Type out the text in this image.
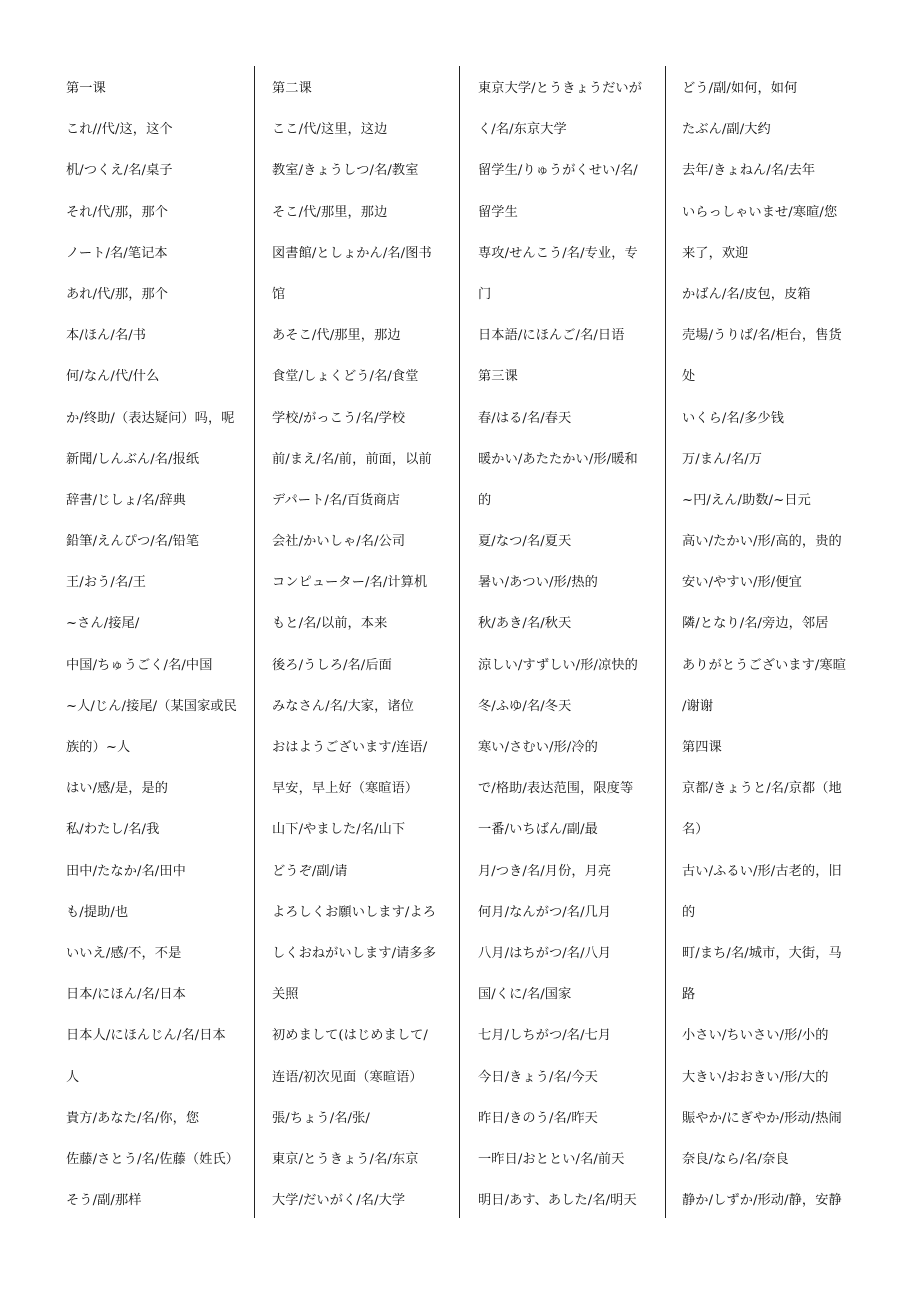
第一课
これ//代/这，这个
机/つくえ/名/桌子
それ/代/那，那个
ノート/名/笔记本
あれ/代/那，那个
本/ほん/名/书
何/なん/代/什么
か/终助/（表达疑问）吗，呢
新聞/しんぶん/名/报纸
辞書/じしょ/名/辞典
鉛筆/えんぴつ/名/铅笔
王/おう/名/王
~さん/接尾/
中国/ちゅうごく/名/中国
~人/じん/接尾/（某国家或民
族的）~人
はい/感/是，是的
私/わたし/名/我
田中/たなか/名/田中
も/提助/也
いいえ/感/不，不是
日本/にほん/名/日本
日本人/にほんじん/名/日本
人
貴方/あなた/名/你，您
佐藤/さとう/名/佐藤（姓氏）
そう/副/那样
第二课
ここ/代/这里，这边
教室/きょうしつ/名/教室
そこ/代/那里，那边
図書館/としょかん/名/图书
馆
あそこ/代/那里，那边
食堂/しょくどう/名/食堂
学校/がっこう/名/学校
前/まえ/名/前，前面，以前
デパート/名/百货商店
会社/かいしゃ/名/公司
コンピューター/名/计算机
もと/名/以前，本来
後ろ/うしろ/名/后面
みなさん/名/大家，诸位
おはようございます/连语/
早安，早上好（寒暄语）
山下/やました/名/山下
どうぞ/副/请
よろしくお願いします/よろ
しくおねがいします/请多多
关照
初めまして(はじめまして/
连语/初次见面（寒暄语）
張/ちょう/名/张/
東京/とうきょう/名/东京
大学/だいがく/名/大学
東京大学/とうきょうだいが
く/名/东京大学
留学生/りゅうがくせい/名/
留学生
専攻/せんこう/名/专业，专
门
日本語/にほんご/名/日语
第三课
春/はる/名/春天
暖かい/あたたかい/形/暖和
的
夏/なつ/名/夏天
暑い/あつい/形/热的
秋/あき/名/秋天
涼しい/すずしい/形/凉快的
冬/ふゆ/名/冬天
寒い/さむい/形/冷的
で/格助/表达范围，限度等
一番/いちばん/副/最
月/つき/名/月份，月亮
何月/なんがつ/名/几月
八月/はちがつ/名/八月
国/くに/名/国家
七月/しちがつ/名/七月
今日/きょう/名/今天
昨日/きのう/名/昨天
一昨日/おととい/名/前天
明日/あす、あした/名/明天
どう/副/如何，如何
たぶん/副/大约
去年/きょねん/名/去年
いらっしゃいませ/寒暄/您
来了，欢迎
かばん/名/皮包，皮箱
売場/うりば/名/柜台，售货
处
いくら/名/多少钱
万/まん/名/万
~円/えん/助数/~日元
高い/たかい/形/高的，贵的
安い/やすい/形/便宜
隣/となり/名/旁边，邻居
ありがとうございます/寒暄
/谢谢
第四课
京都/きょうと/名/京都（地
名）
古い/ふるい/形/古老的，旧
的
町/まち/名/城市，大街，马
路
小さい/ちいさい/形/小的
大きい/おおきい/形/大的
賑やか/にぎやか/形动/热闹
奈良/なら/名/奈良
静か/しずか/形动/静，安静
